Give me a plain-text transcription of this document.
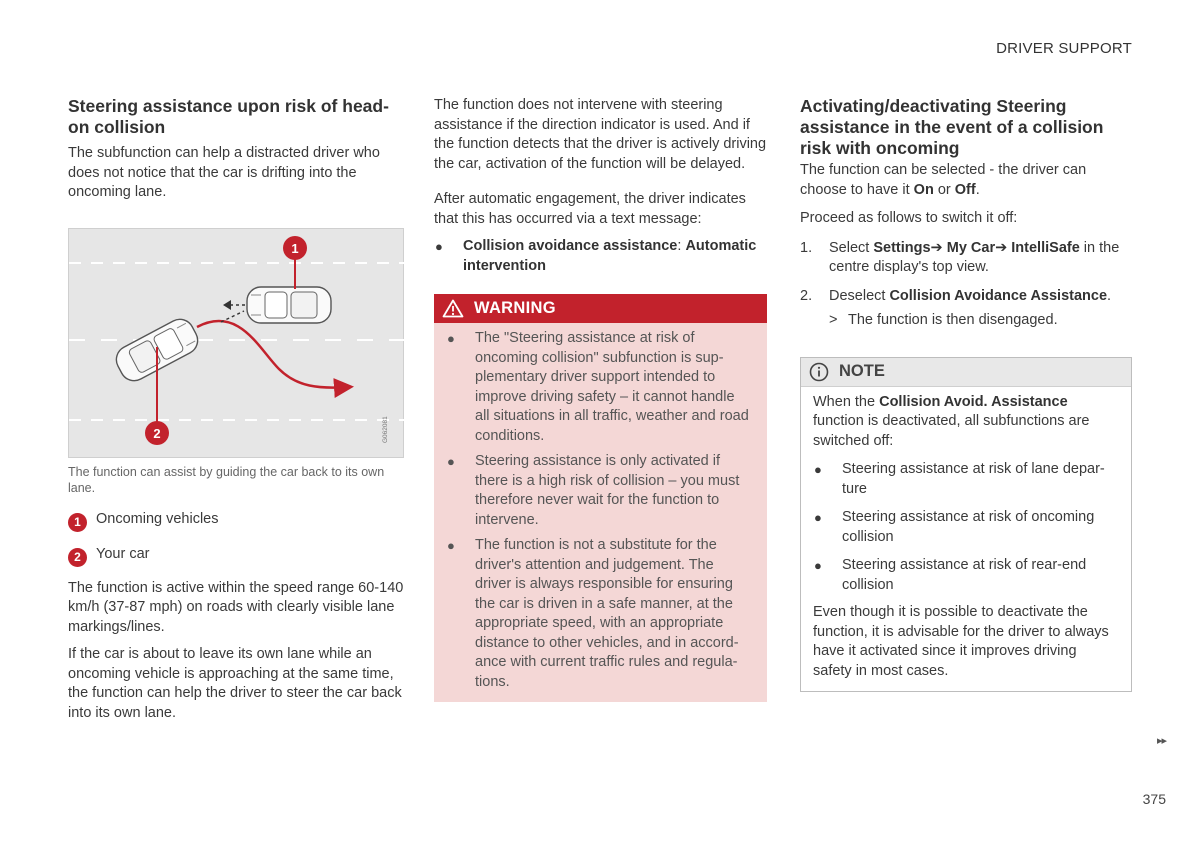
DRIVER SUPPORT
Steering assistance upon risk of head-on collision

The subfunction can help a distracted driver who does not notice that the car is drifting into the oncoming lane.

1
2	G062081
The function can assist by guiding the car back to its own lane.
1	Oncoming vehicles
2	Your car

The function is active within the speed range 60-140 km/h (37-87 mph) on roads with clearly visible lane markings/lines.

If the car is about to leave its own lane while an oncoming vehicle is approaching at the same time, the function can help the driver to steer the car back into its own lane.

The function does not intervene with steering assistance if the direction indicator is used. And if the function detects that the driver is actively driving the car, activation of the function will be delayed.

After automatic engagement, the driver indicates that this has occurred via a text message:

● Collision avoidance assistance: Automatic intervention
WARNING
● The "Steering assistance at risk of oncoming collision" subfunction is sup-plementary driver support intended to improve driving safety – it cannot handle all situations in all traffic, weather and road conditions.
● Steering assistance is only activated if there is a high risk of collision – you must therefore never wait for the function to intervene.
● The function is not a substitute for the driver's attention and judgement. The driver is always responsible for ensuring the car is driven in a safe manner, at the appropriate speed, with an appropriate distance to other vehicles, and in accord-ance with current traffic rules and regula-tions.
Activating/deactivating Steering assistance in the event of a collision risk with oncoming

The function can be selected - the driver can choose to have it On or Off.

Proceed as follows to switch it off:

1. Select Settings➔ My Car➔ IntelliSafe in the centre display's top view.
2. Deselect Collision Avoidance Assistance.
> The function is then disengaged.
NOTE

When the Collision Avoid. Assistance function is deactivated, all subfunctions are switched off:

● Steering assistance at risk of lane depar-ture
● Steering assistance at risk of oncoming collision
● Steering assistance at risk of rear-end collision

Even though it is possible to deactivate the function, it is advisable for the driver to always have it activated since it improves driving safety in most cases.

▸▸
375
